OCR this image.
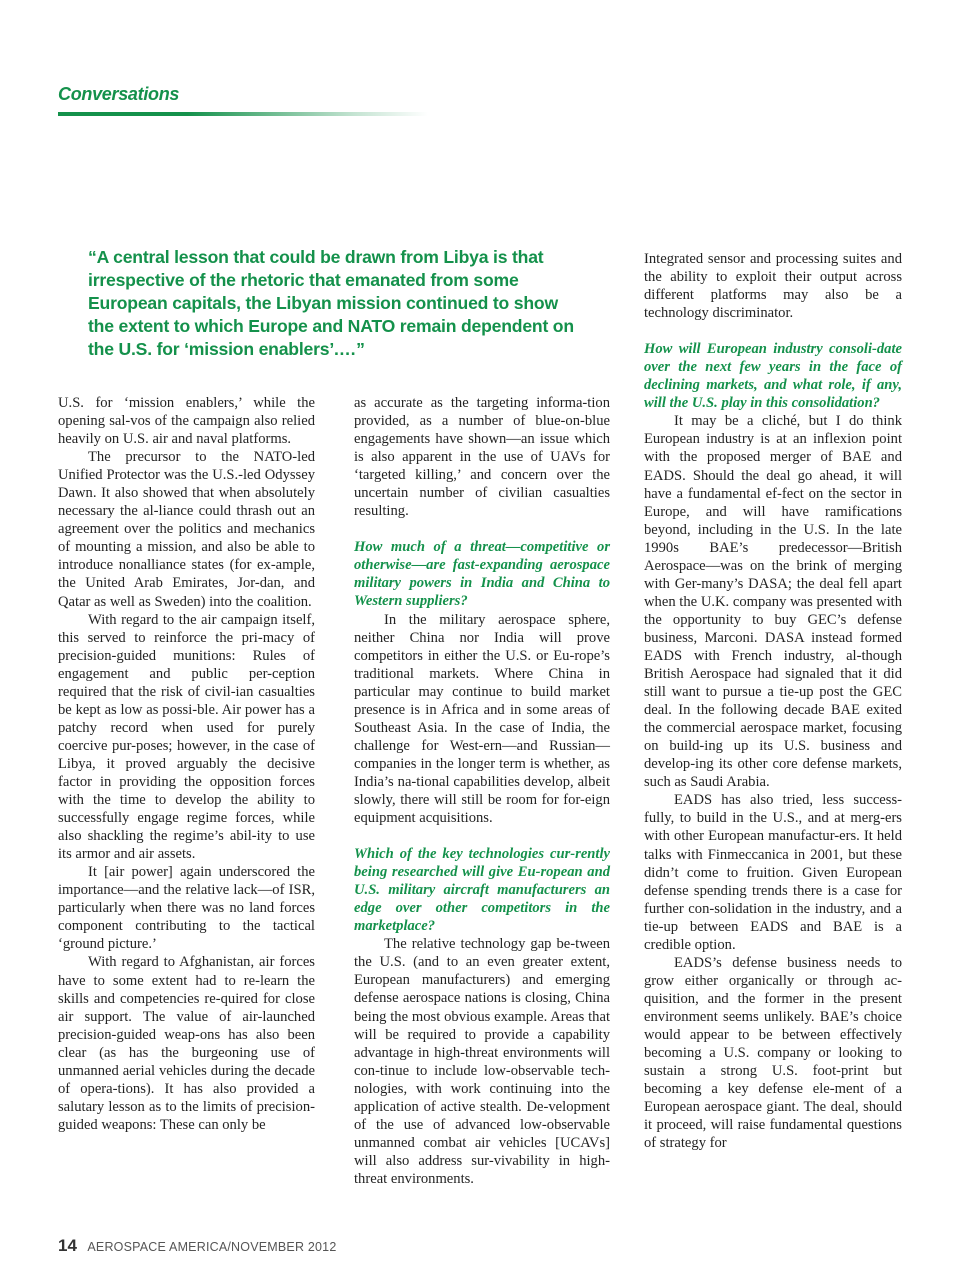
Conversations
“A central lesson that could be drawn from Libya is that irrespective of the rhetoric that emanated from some European capitals, the Libyan mission continued to show the extent to which Europe and NATO remain dependent on the U.S. for ‘mission enablers’.…”

U.S. for ‘mission enablers,’ while the opening sal-vos of the campaign also relied heavily on U.S. air and naval platforms.

The precursor to the NATO-led Unified Protector was the U.S.-led Odyssey Dawn. It also showed that when absolutely necessary the al-liance could thrash out an agreement over the politics and mechanics of mounting a mission, and also be able to introduce nonalliance states (for ex-ample, the United Arab Emirates, Jor-dan, and Qatar as well as Sweden) into the coalition.

With regard to the air campaign itself, this served to reinforce the pri-macy of precision-guided munitions: Rules of engagement and public per-ception required that the risk of civil-ian casualties be kept as low as possi-ble. Air power has a patchy record when used for purely coercive pur-poses; however, in the case of Libya, it proved arguably the decisive factor in providing the opposition forces with the time to develop the ability to successfully engage regime forces, while also shackling the regime’s abil-ity to use its armor and air assets.

It [air power] again underscored the importance—and the relative lack—of ISR, particularly when there was no land forces component contributing to the tactical ‘ground picture.’

With regard to Afghanistan, air forces have to some extent had to re-learn the skills and competencies re-quired for close air support. The value of air-launched precision-guided weap-ons has also been clear (as has the burgeoning use of unmanned aerial vehicles during the decade of opera-tions). It has also provided a salutary lesson as to the limits of precision-guided weapons: These can only be

as accurate as the targeting informa-tion provided, as a number of blue-on-blue engagements have shown—an issue which is also apparent in the use of UAVs for ‘targeted killing,’ and concern over the uncertain number of civilian casualties resulting.

How much of a threat—competitive or otherwise—are fast-expanding aerospace military powers in India and China to Western suppliers?

In the military aerospace sphere, neither China nor India will prove competitors in either the U.S. or Eu-rope’s traditional markets. Where China in particular may continue to build market presence is in Africa and in some areas of Southeast Asia. In the case of India, the challenge for West-ern—and Russian—companies in the longer term is whether, as India’s na-tional capabilities develop, albeit slowly, there will still be room for for-eign equipment acquisitions.

Which of the key technologies cur-rently being researched will give Eu-ropean and U.S. military aircraft manufacturers an edge over other competitors in the marketplace?

The relative technology gap be-tween the U.S. (and to an even greater extent, European manufacturers) and emerging defense aerospace nations is closing, China being the most obvious example. Areas that will be required to provide a capability advantage in high-threat environments will con-tinue to include low-observable tech-nologies, with work continuing into the application of active stealth. De-velopment of the use of advanced low-observable unmanned combat air vehicles [UCAVs] will also address sur-vivability in high-threat environments.

Integrated sensor and processing suites and the ability to exploit their output across different platforms may also be a technology discriminator.

How will European industry consoli-date over the next few years in the face of declining markets, and what role, if any, will the U.S. play in this consolidation?

It may be a cliché, but I do think European industry is at an inflexion point with the proposed merger of BAE and EADS. Should the deal go ahead, it will have a fundamental ef-fect on the sector in Europe, and will have ramifications beyond, including in the U.S. In the late 1990s BAE’s predecessor—British Aerospace—was on the brink of merging with Ger-many’s DASA; the deal fell apart when the U.K. company was presented with the opportunity to buy GEC’s defense business, Marconi. DASA instead formed EADS with French industry, al-though British Aerospace had signaled that it did still want to pursue a tie-up post the GEC deal. In the following decade BAE exited the commercial aerospace market, focusing on build-ing up its U.S. business and develop-ing its other core defense markets, such as Saudi Arabia.

EADS has also tried, less success-fully, to build in the U.S., and at merg-ers with other European manufactur-ers. It held talks with Finmeccanica in 2001, but these didn’t come to fruition. Given European defense spending trends there is a case for further con-solidation in the industry, and a tie-up between EADS and BAE is a credible option.

EADS’s defense business needs to grow either organically or through ac-quisition, and the former in the present environment seems unlikely. BAE’s choice would appear to be between effectively becoming a U.S. company or looking to sustain a strong U.S. foot-print but becoming a key defense ele-ment of a European aerospace giant. The deal, should it proceed, will raise fundamental questions of strategy for

14 AEROSPACE AMERICA/NOVEMBER 2012
